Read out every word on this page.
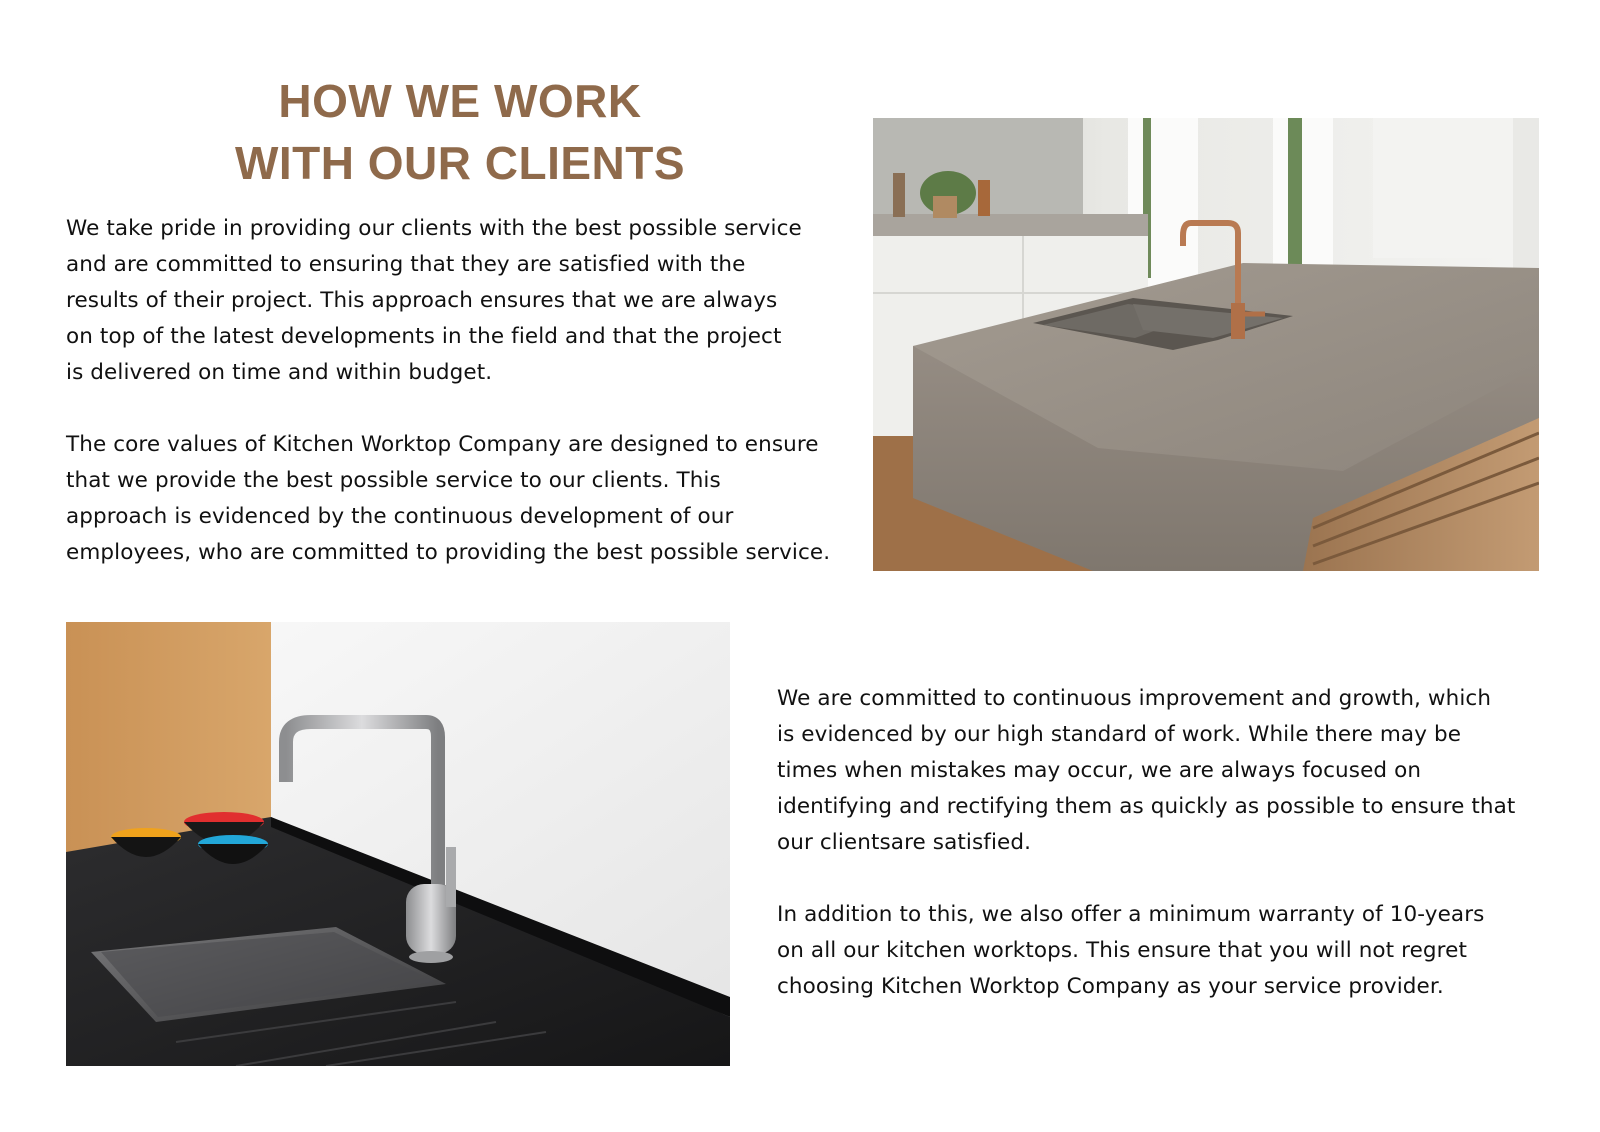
HOW WE WORK
WITH OUR CLIENTS

We take pride in providing our clients with the best possible service
and are committed to ensuring that they are satisfied with the
results of their project. This approach ensures that we are always
on top of the latest developments in the field and that the project
is delivered on time and within budget.

The core values of Kitchen Worktop Company are designed to ensure
that we provide the best possible service to our clients. This
approach is evidenced by the continuous development of our
employees, who are committed to providing the best possible service.

We are committed to continuous improvement and growth, which
is evidenced by our high standard of work. While there may be
times when mistakes may occur, we are always focused on
identifying and rectifying them as quickly as possible to ensure that
our clientsare satisfied.

In addition to this, we also offer a minimum warranty of 10-years
on all our kitchen worktops. This ensure that you will not regret
choosing Kitchen Worktop Company as your service provider.
